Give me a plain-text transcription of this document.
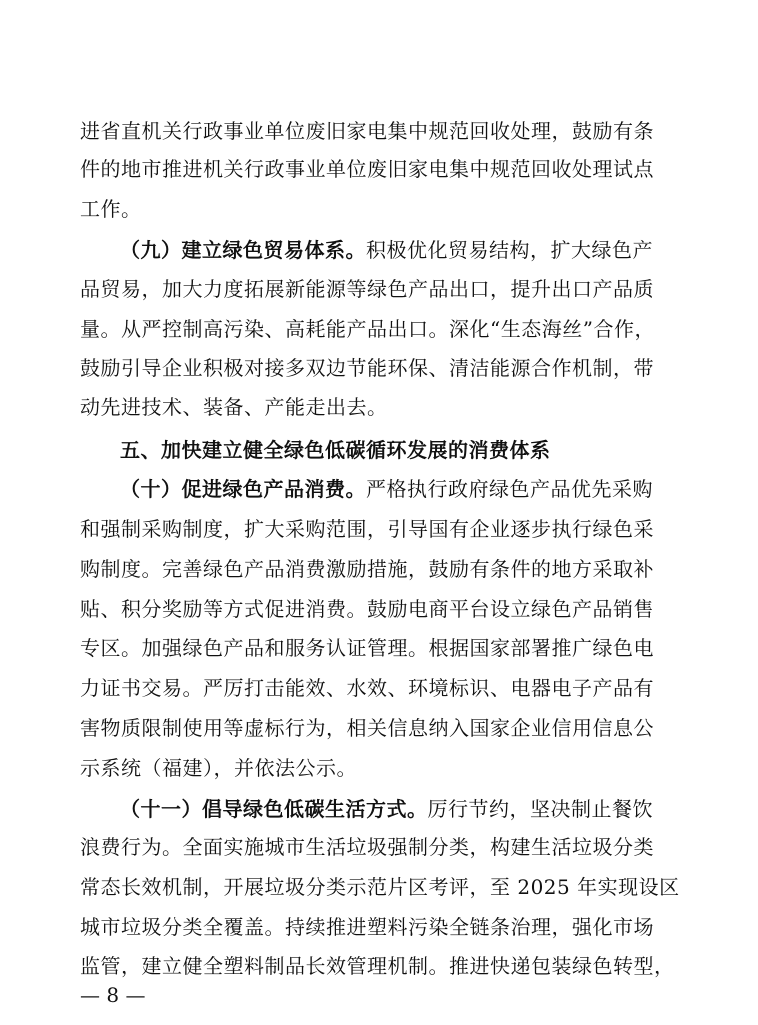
进省直机关行政事业单位废旧家电集中规范回收处理，鼓励有条
件的地市推进机关行政事业单位废旧家电集中规范回收处理试点
工作。
（九）建立绿色贸易体系。积极优化贸易结构，扩大绿色产
品贸易，加大力度拓展新能源等绿色产品出口，提升出口产品质
量。从严控制高污染、高耗能产品出口。深化“生态海丝”合作，
鼓励引导企业积极对接多双边节能环保、清洁能源合作机制，带
动先进技术、装备、产能走出去。
五、加快建立健全绿色低碳循环发展的消费体系
（十）促进绿色产品消费。严格执行政府绿色产品优先采购
和强制采购制度，扩大采购范围，引导国有企业逐步执行绿色采
购制度。完善绿色产品消费激励措施，鼓励有条件的地方采取补
贴、积分奖励等方式促进消费。鼓励电商平台设立绿色产品销售
专区。加强绿色产品和服务认证管理。根据国家部署推广绿色电
力证书交易。严厉打击能效、水效、环境标识、电器电子产品有
害物质限制使用等虚标行为，相关信息纳入国家企业信用信息公
示系统（福建），并依法公示。
（十一）倡导绿色低碳生活方式。厉行节约，坚决制止餐饮
浪费行为。全面实施城市生活垃圾强制分类，构建生活垃圾分类
常态长效机制，开展垃圾分类示范片区考评，至 2025 年实现设区
城市垃圾分类全覆盖。持续推进塑料污染全链条治理，强化市场
监管，建立健全塑料制品长效管理机制。推进快递包装绿色转型，
— 8 —
